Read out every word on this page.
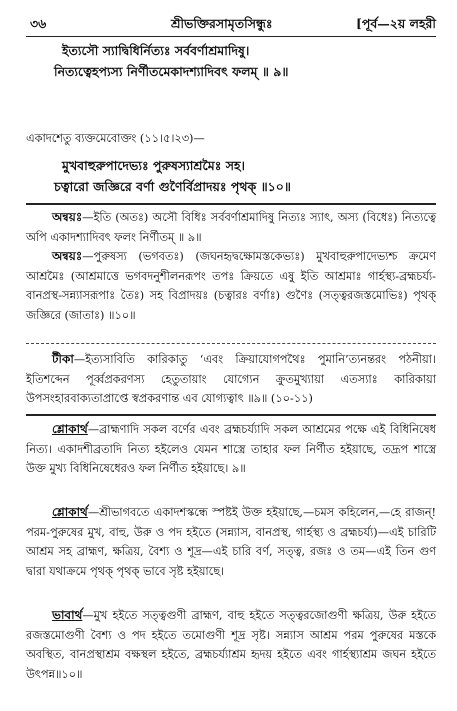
৩৬	শ্রীভক্তিরসামৃতসিন্ধুঃ	[পূর্ব—২য় লহরী
ইত্যসৌ স্যাদ্বিধির্নিত্যঃ সর্ববর্ণাশ্রমাদিষু।
নিত্যত্বেহপ্যস্য নির্ণীতমেকাদশ্যাদিবৎ ফলম্ ॥ ৯॥
একাদশেতু ব্যক্তমেবোক্তং (১১।৫।২৩)—
মুখবাহুরুপাদেভ্যঃ পুরুষস্যাশ্রমৈঃ সহ।
চত্বারো জজ্ঞিরে বর্ণা গুণৈর্বিপ্রাদয়ঃ পৃথক্ ॥১০॥
অন্বয়ঃ—ইতি (অতঃ) অসৌ বিধিঃ সর্ববর্ণাশ্রমাদিষু নিত্যঃ স্যাৎ, অস্য (বিধেঃ) নিত্যত্বে অপি একাদশ্যাদিবৎ ফলং নির্ণীতম্ ॥ ৯॥
অন্বয়ঃ—পুরুষস্য (ভগবতঃ) (জঘনহৃদ্বক্ষোমস্তকেভ্যঃ) মুখবাহুরুপাদেভ্যশ্চ ক্রমেণ আশ্রমৈঃ (আশ্রমাত্তে ভগবদনুশীলনরূপং তপঃ ক্রিয়তে এষু ইতি আশ্রমাঃ গার্হস্থ্য-ব্রহ্মচর্য্য-বানপ্রস্থ-সন্ন্যাসরূপাঃ তৈঃ) সহ বিপ্রাদয়ঃ (চত্বারঃ বর্ণাঃ) গুণৈঃ (সত্ত্বরজস্তমোভিঃ) পৃথক্ জজ্ঞিরে (জাতাঃ) ॥১০॥
টীকা—ইত্যসাবিতি কারিকাতু ‘এবং ক্রিয়াযোগপথৈঃ পুমানি’ত্যনন্তরং পঠনীয়া। ইতিশব্দেন পূর্ব্বপ্রকরণস্য হেতুতায়াং যোগ্যেন ক্রুতমুখ্যায়া এতস্যাঃ কারিকায়া উপসংহারবাক্যতাপ্রাপ্তে স্বপ্রকরণান্ত এব যোগ্যত্বাৎ ॥৯॥ (১০-১১)
শ্লোকার্থ—ব্রাহ্মণাদি সকল বর্ণের এবং ব্রহ্মচর্য্যাদি সকল আশ্রমের পক্ষে এই বিধিনিষেধ নিত্য। একাদশীব্রতাদি নিত্য হইলেও যেমন শাস্ত্রে তাহার ফল নির্ণীত হইয়াছে, তদ্রূপ শাস্ত্রে উক্ত মুখ্য বিধিনিষেধেরও ফল নির্ণীত হইয়াছে। ৯॥
শ্লোকার্থ—শ্রীভাগবতে একাদশস্কন্ধে স্পষ্টই উক্ত হইয়াছে,—চমস কহিলেন,—হে রাজন্! পরম-পুরুষের মুখ, বাহু, উরু ও পদ হইতে (সন্ন্যাস, বানপ্রস্থ, গার্হস্থ্য ও ব্রহ্মচর্য্য)—এই চারিটি আশ্রম সহ ব্রাহ্মণ, ক্ষত্রিয়, বৈশ্য ও শূদ্র—এই চারি বর্ণ, সত্ত্ব, রজঃ ও তম—এই তিন গুণ দ্বারা যথাক্রমে পৃথক্ পৃথক্ ভাবে সৃষ্ট হইয়াছে।
ভাবার্থ—মুখ হইতে সত্ত্বগুণী ব্রাহ্মণ, বাহু হইতে সত্ত্বরজোগুণী ক্ষত্রিয়, উরু হইতে রজস্তমোগুণী বৈশ্য ও পদ হইতে তমোগুণী শূদ্র সৃষ্ট। সন্ন্যাস আশ্রম পরম পুরুষের মস্তকে অবস্থিত, বানপ্রস্থাশ্রম বক্ষস্থল হইতে, ব্রহ্মচর্য্যাশ্রম হৃদয় হইতে এবং গার্হস্থ্যাশ্রম জঘন হইতে উৎপন্ন॥১০॥
